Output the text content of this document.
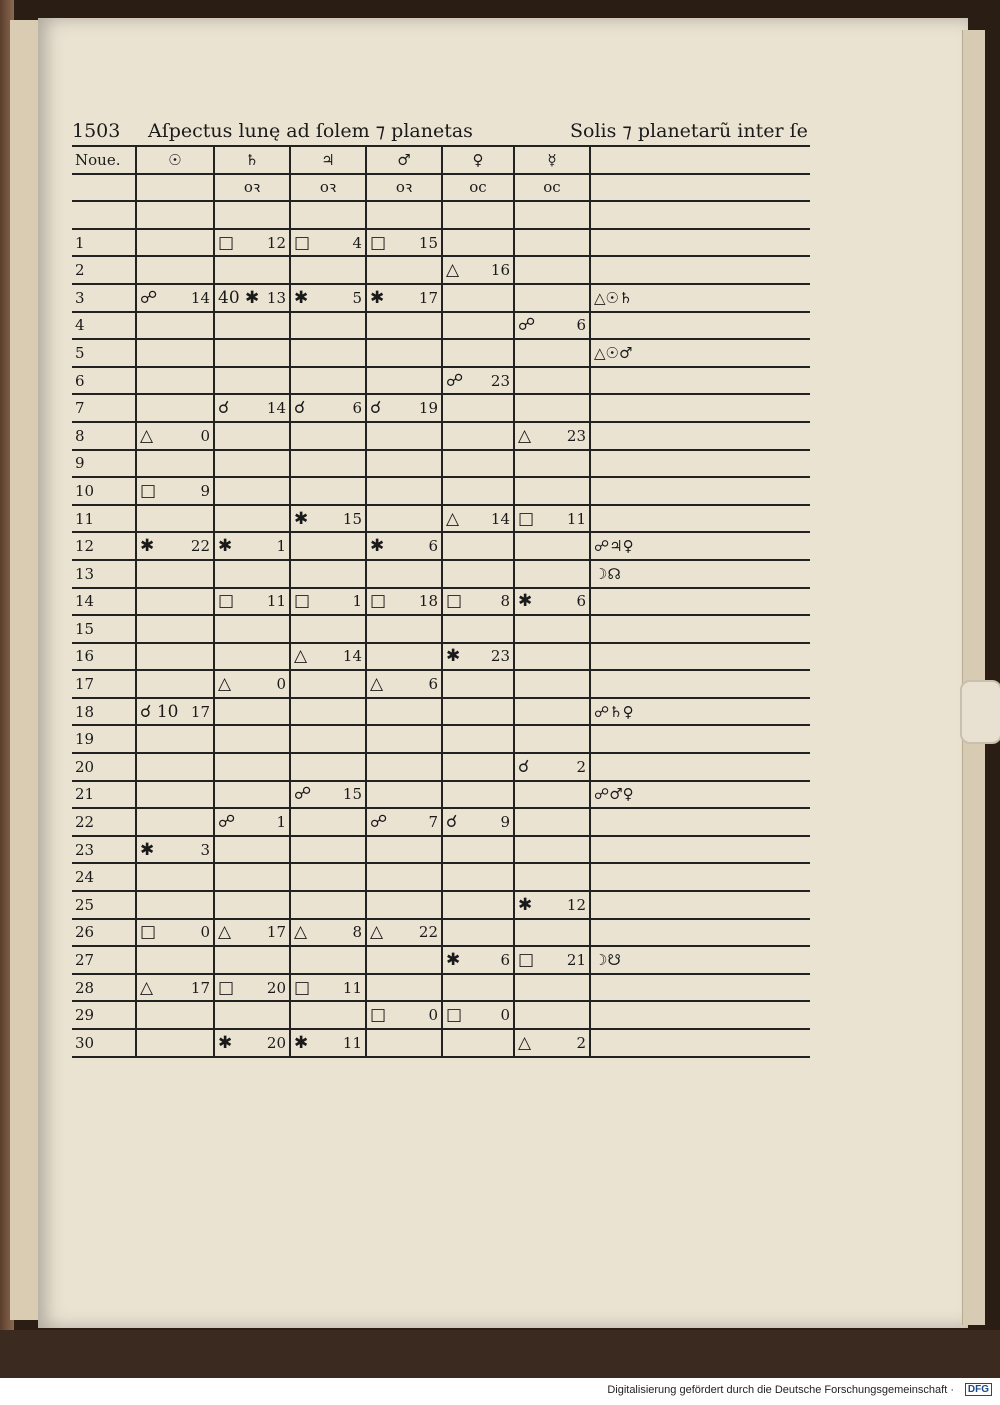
1503 Aſpectus lunę ad ſolem ⁊ planetas	Solis ⁊ planetarũ inter ſe
Noue.	☉	♄	♃	♂	♀	☿	
		oꝛ	oꝛ	oꝛ	oc	oc	

1		□ 12	□ 4	□ 15			

2					△ 16		

3	☍ 14	40 ✱ 13	✱ 5	✱ 17			△☉♄
4						☍ 6	

5							△☉♂
6					☍ 23		

7		☌ 14	☌ 6	☌ 19			

8	△ 0					△ 23	

9	

10	□ 9						

11			✱ 15		△ 14	□ 11	

12	✱ 22	✱ 1		✱ 6			☍♃♀
13							☽☊
14		□ 11	□ 1	□ 18	□ 8	✱ 6	

15	

16			△ 14		✱ 23		

17		△ 0		△ 6			

18	☌ 10 17						☍♄♀
19	

20						☌ 2	

21			☍ 15				☍♂♀
22		☍ 1		☍ 7	☌ 9		

23	✱ 3						

24	

25						✱ 12	

26	□ 0	△ 17	△ 8	△ 22			

27					✱ 6	□ 21	☽☋
28	△ 17	□ 20	□ 11				

29				□ 0	□ 0		

30		✱ 20	✱ 11			△ 2	

Digitalisierung gefördert durch die Deutsche Forschungsgemeinschaft ·	DFG
